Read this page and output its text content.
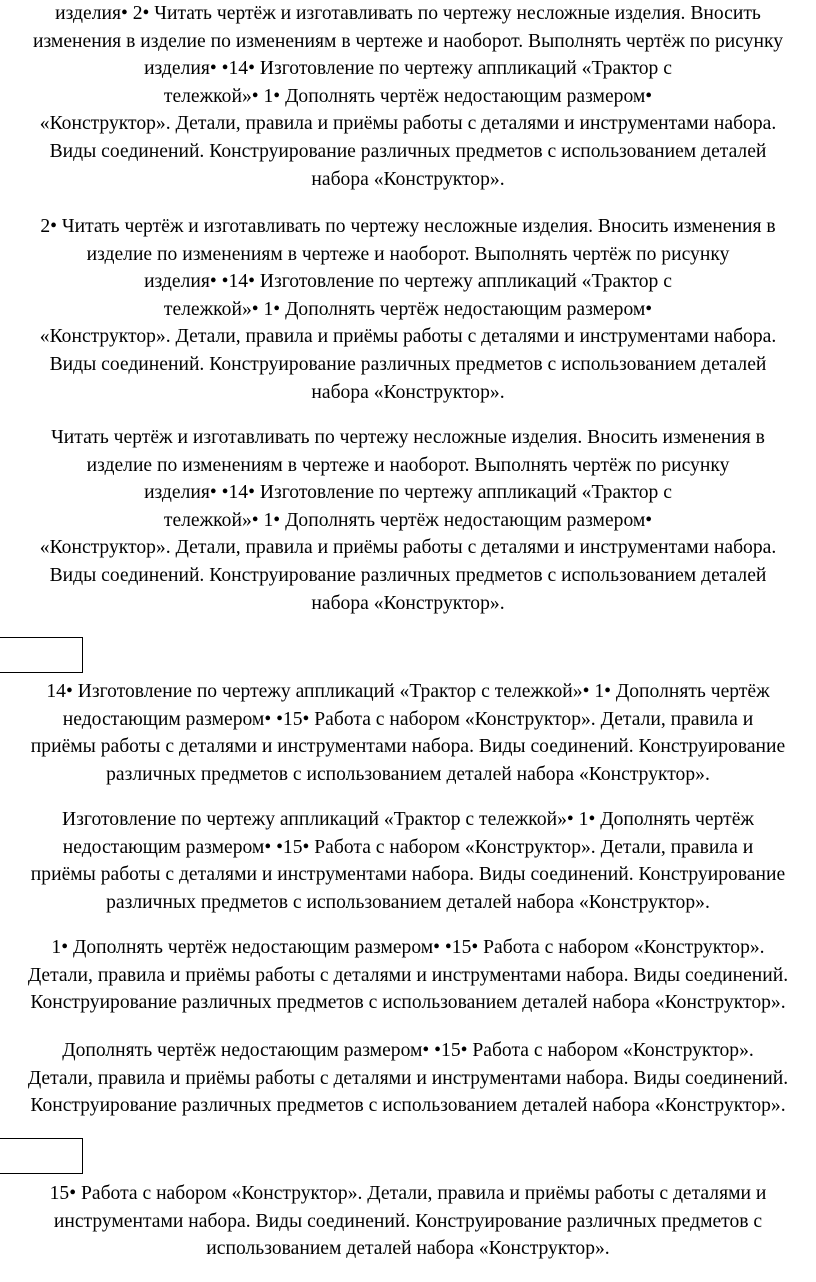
изделия• 2• Читать чертёж и изготавливать по чертежу несложные изделия. Вносить
изменения в изделие по изменениям в чертеже и наоборот. Выполнять чертёж по рисунку
изделия• •14• Изготовление по чертежу аппликаций «Трактор с
тележкой»• 1• Дополнять чертёж недостающим размером•
«Конструктор». Детали, правила и приёмы работы с деталями и инструментами набора.
Виды соединений. Конструирование различных предметов с использованием деталей
набора «Конструктор».

2• Читать чертёж и изготавливать по чертежу несложные изделия. Вносить изменения в
изделие по изменениям в чертеже и наоборот. Выполнять чертёж по рисунку
изделия• •14• Изготовление по чертежу аппликаций «Трактор с
тележкой»• 1• Дополнять чертёж недостающим размером•
«Конструктор». Детали, правила и приёмы работы с деталями и инструментами набора.
Виды соединений. Конструирование различных предметов с использованием деталей
набора «Конструктор».

Читать чертёж и изготавливать по чертежу несложные изделия. Вносить изменения в
изделие по изменениям в чертеже и наоборот. Выполнять чертёж по рисунку
изделия• •14• Изготовление по чертежу аппликаций «Трактор с
тележкой»• 1• Дополнять чертёж недостающим размером•
«Конструктор». Детали, правила и приёмы работы с деталями и инструментами набора.
Виды соединений. Конструирование различных предметов с использованием деталей
набора «Конструктор».

14• Изготовление по чертежу аппликаций «Трактор с тележкой»• 1• Дополнять чертёж
недостающим размером• •15• Работа с набором «Конструктор». Детали, правила и
приёмы работы с деталями и инструментами набора. Виды соединений. Конструирование
различных предметов с использованием деталей набора «Конструктор».

Изготовление по чертежу аппликаций «Трактор с тележкой»• 1• Дополнять чертёж
недостающим размером• •15• Работа с набором «Конструктор». Детали, правила и
приёмы работы с деталями и инструментами набора. Виды соединений. Конструирование
различных предметов с использованием деталей набора «Конструктор».

1• Дополнять чертёж недостающим размером• •15• Работа с набором «Конструктор».
Детали, правила и приёмы работы с деталями и инструментами набора. Виды соединений.
Конструирование различных предметов с использованием деталей набора «Конструктор».

Дополнять чертёж недостающим размером• •15• Работа с набором «Конструктор».
Детали, правила и приёмы работы с деталями и инструментами набора. Виды соединений.
Конструирование различных предметов с использованием деталей набора «Конструктор».

15• Работа с набором «Конструктор». Детали, правила и приёмы работы с деталями и
инструментами набора. Виды соединений. Конструирование различных предметов с
использованием деталей набора «Конструктор».
